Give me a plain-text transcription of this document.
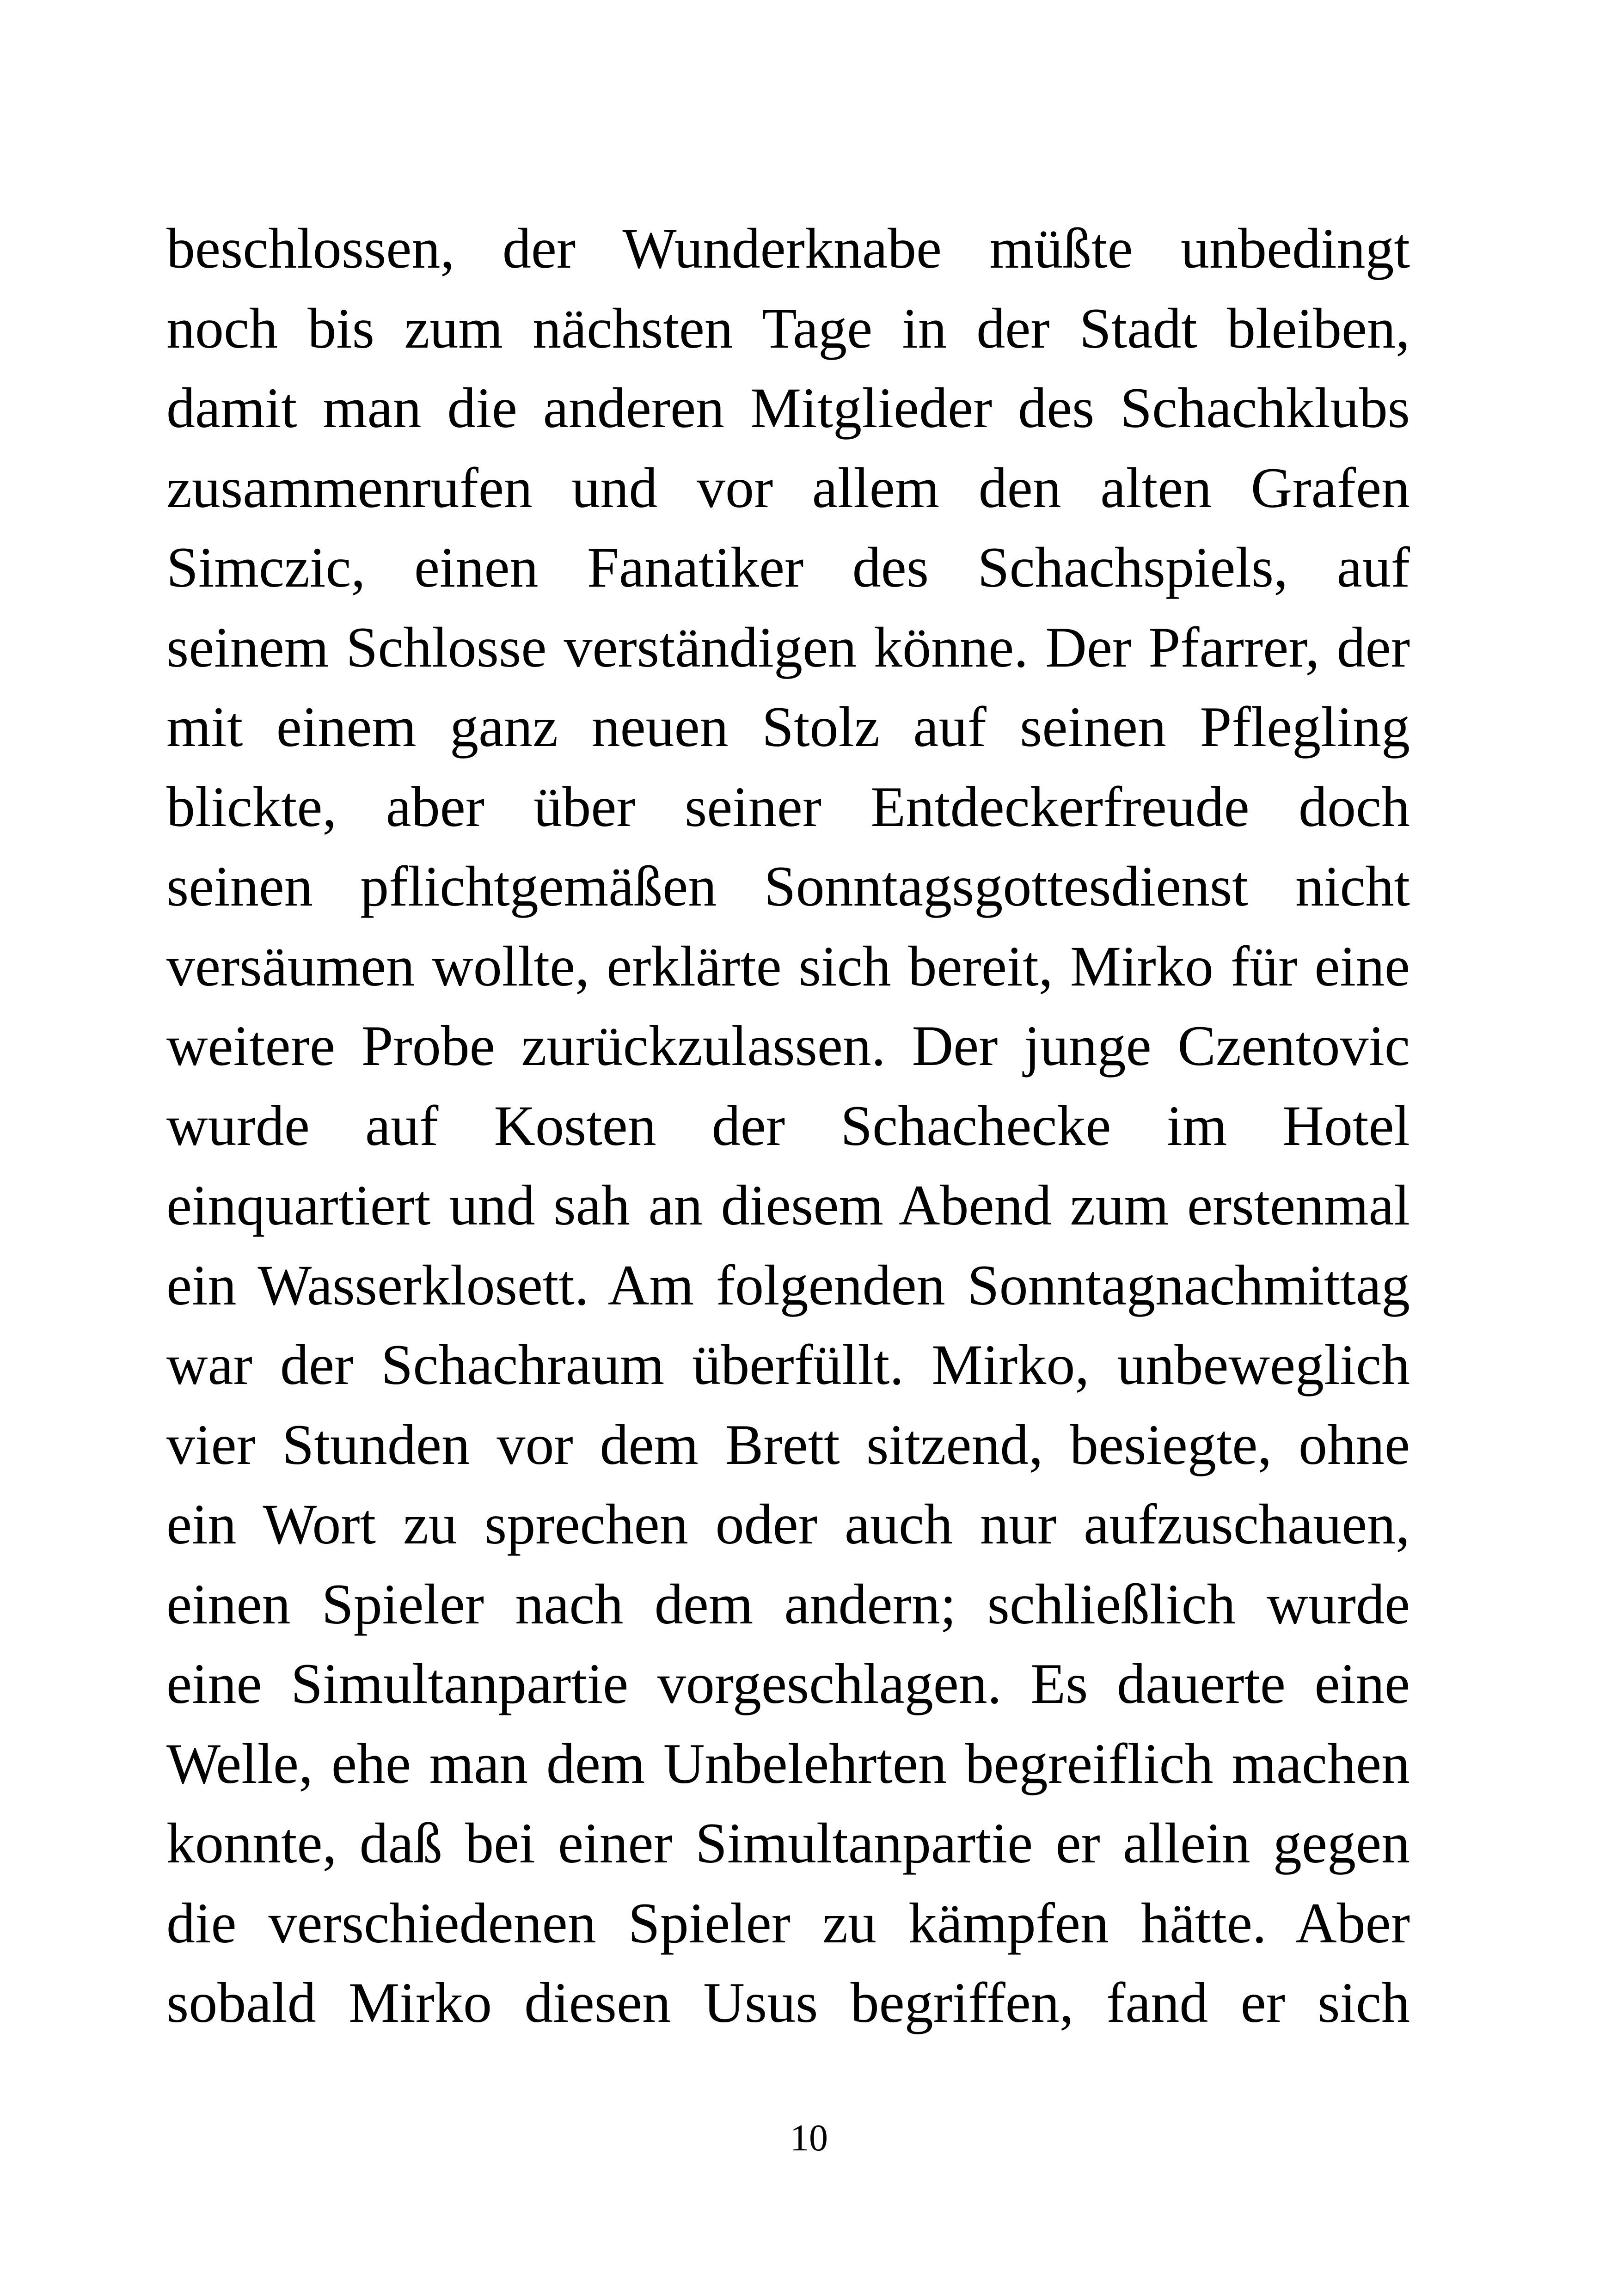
beschlossen, der Wunderknabe müßte unbedingt
noch bis zum nächsten Tage in der Stadt bleiben,
damit man die anderen Mitglieder des Schachklubs
zusammenrufen und vor allem den alten Grafen
Simczic, einen Fanatiker des Schachspiels, auf
seinem Schlosse verständigen könne. Der Pfarrer, der
mit einem ganz neuen Stolz auf seinen Pflegling
blickte, aber über seiner Entdeckerfreude doch
seinen pflichtgemäßen Sonntagsgottesdienst nicht
versäumen wollte, erklärte sich bereit, Mirko für eine
weitere Probe zurückzulassen. Der junge Czentovic
wurde auf Kosten der Schachecke im Hotel
einquartiert und sah an diesem Abend zum erstenmal
ein Wasserklosett. Am folgenden Sonntagnachmittag
war der Schachraum überfüllt. Mirko, unbeweglich
vier Stunden vor dem Brett sitzend, besiegte, ohne
ein Wort zu sprechen oder auch nur aufzuschauen,
einen Spieler nach dem andern; schließlich wurde
eine Simultanpartie vorgeschlagen. Es dauerte eine
Welle, ehe man dem Unbelehrten begreiflich machen
konnte, daß bei einer Simultanpartie er allein gegen
die verschiedenen Spieler zu kämpfen hätte. Aber
sobald Mirko diesen Usus begriffen, fand er sich
10
